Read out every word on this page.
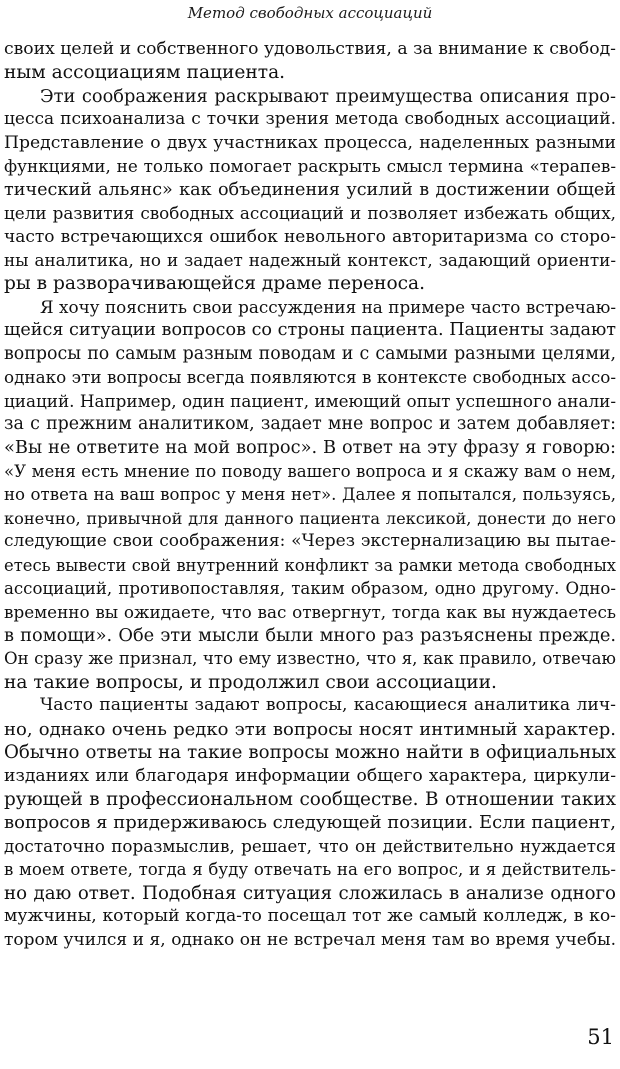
Метод свободных ассоциаций
своих целей и собственного удовольствия, а за внимание к свобод-
ным ассоциациям пациента.
Эти соображения раскрывают преимущества описания про-
цесса психоанализа с точки зрения метода свободных ассоциаций.
Представление о двух участниках процесса, наделенных разными
функциями, не только помогает раскрыть смысл термина «терапев-
тический альянс» как объединения усилий в достижении общей
цели развития свободных ассоциаций и позволяет избежать общих,
часто встречающихся ошибок невольного авторитаризма со сторо-
ны аналитика, но и задает надежный контекст, задающий ориенти-
ры в разворачивающейся драме переноса.
Я хочу пояснить свои рассуждения на примере часто встречаю-
щейся ситуации вопросов со строны пациента. Пациенты задают
вопросы по самым разным поводам и с самыми разными целями,
однако эти вопросы всегда появляются в контексте свободных ассо-
циаций. Например, один пациент, имеющий опыт успешного анали-
за с прежним аналитиком, задает мне вопрос и затем добавляет:
«Вы не ответите на мой вопрос». В ответ на эту фразу я говорю:
«У меня есть мнение по поводу вашего вопроса и я скажу вам о нем,
но ответа на ваш вопрос у меня нет». Далее я попытался, пользуясь,
конечно, привычной для данного пациента лексикой, донести до него
следующие свои соображения: «Через экстернализацию вы пытае-
етесь вывести свой внутренний конфликт за рамки метода свободных
ассоциаций, противопоставляя, таким образом, одно другому. Одно-
временно вы ожидаете, что вас отвергнут, тогда как вы нуждаетесь
в помощи». Обе эти мысли были много раз разъяснены прежде.
Он сразу же признал, что ему известно, что я, как правило, отвечаю
на такие вопросы, и продолжил свои ассоциации.
Часто пациенты задают вопросы, касающиеся аналитика лич-
но, однако очень редко эти вопросы носят интимный характер.
Обычно ответы на такие вопросы можно найти в официальных
изданиях или благодаря информации общего характера, циркули-
рующей в профессиональном сообществе. В отношении таких
вопросов я придерживаюсь следующей позиции. Если пациент,
достаточно поразмыслив, решает, что он действительно нуждается
в моем ответе, тогда я буду отвечать на его вопрос, и я действитель-
но даю ответ. Подобная ситуация сложилась в анализе одного
мужчины, который когда-то посещал тот же самый колледж, в ко-
тором учился и я, однако он не встречал меня там во время учебы.
51
